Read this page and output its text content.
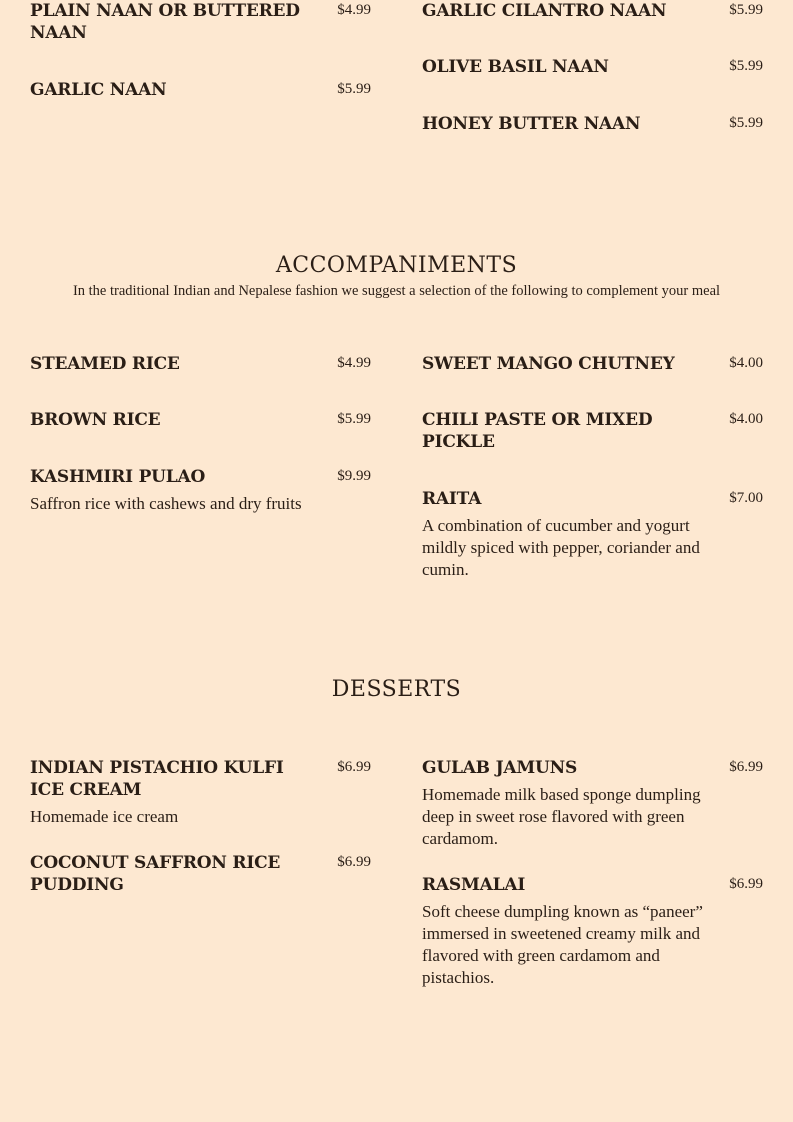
PLAIN NAAN OR BUTTERED NAAN
$4.99
GARLIC NAAN	$5.99
GARLIC CILANTRO NAAN	$5.99
OLIVE BASIL NAAN	$5.99
HONEY BUTTER NAAN	$5.99
ACCOMPANIMENTS

In the traditional Indian and Nepalese fashion we suggest a selection of the following to complement your meal

STEAMED RICE	$4.99
BROWN RICE	$5.99
KASHMIRI PULAO	$9.99
Saffron rice with cashews and dry fruits
SWEET MANGO CHUTNEY	$4.00
CHILI PASTE OR MIXED PICKLE
$4.00
RAITA	$7.00
A combination of cucumber and yogurt mildly spiced with pepper, coriander and cumin.
DESSERTS
INDIAN PISTACHIO KULFI ICE CREAM
$6.99
Homemade ice cream
COCONUT SAFFRON RICE PUDDING
$6.99
GULAB JAMUNS	$6.99
Homemade milk based sponge dumpling deep in sweet rose flavored with green cardamom.
RASMALAI	$6.99
Soft cheese dumpling known as “paneer” immersed in sweetened creamy milk and flavored with green cardamom and pistachios.
